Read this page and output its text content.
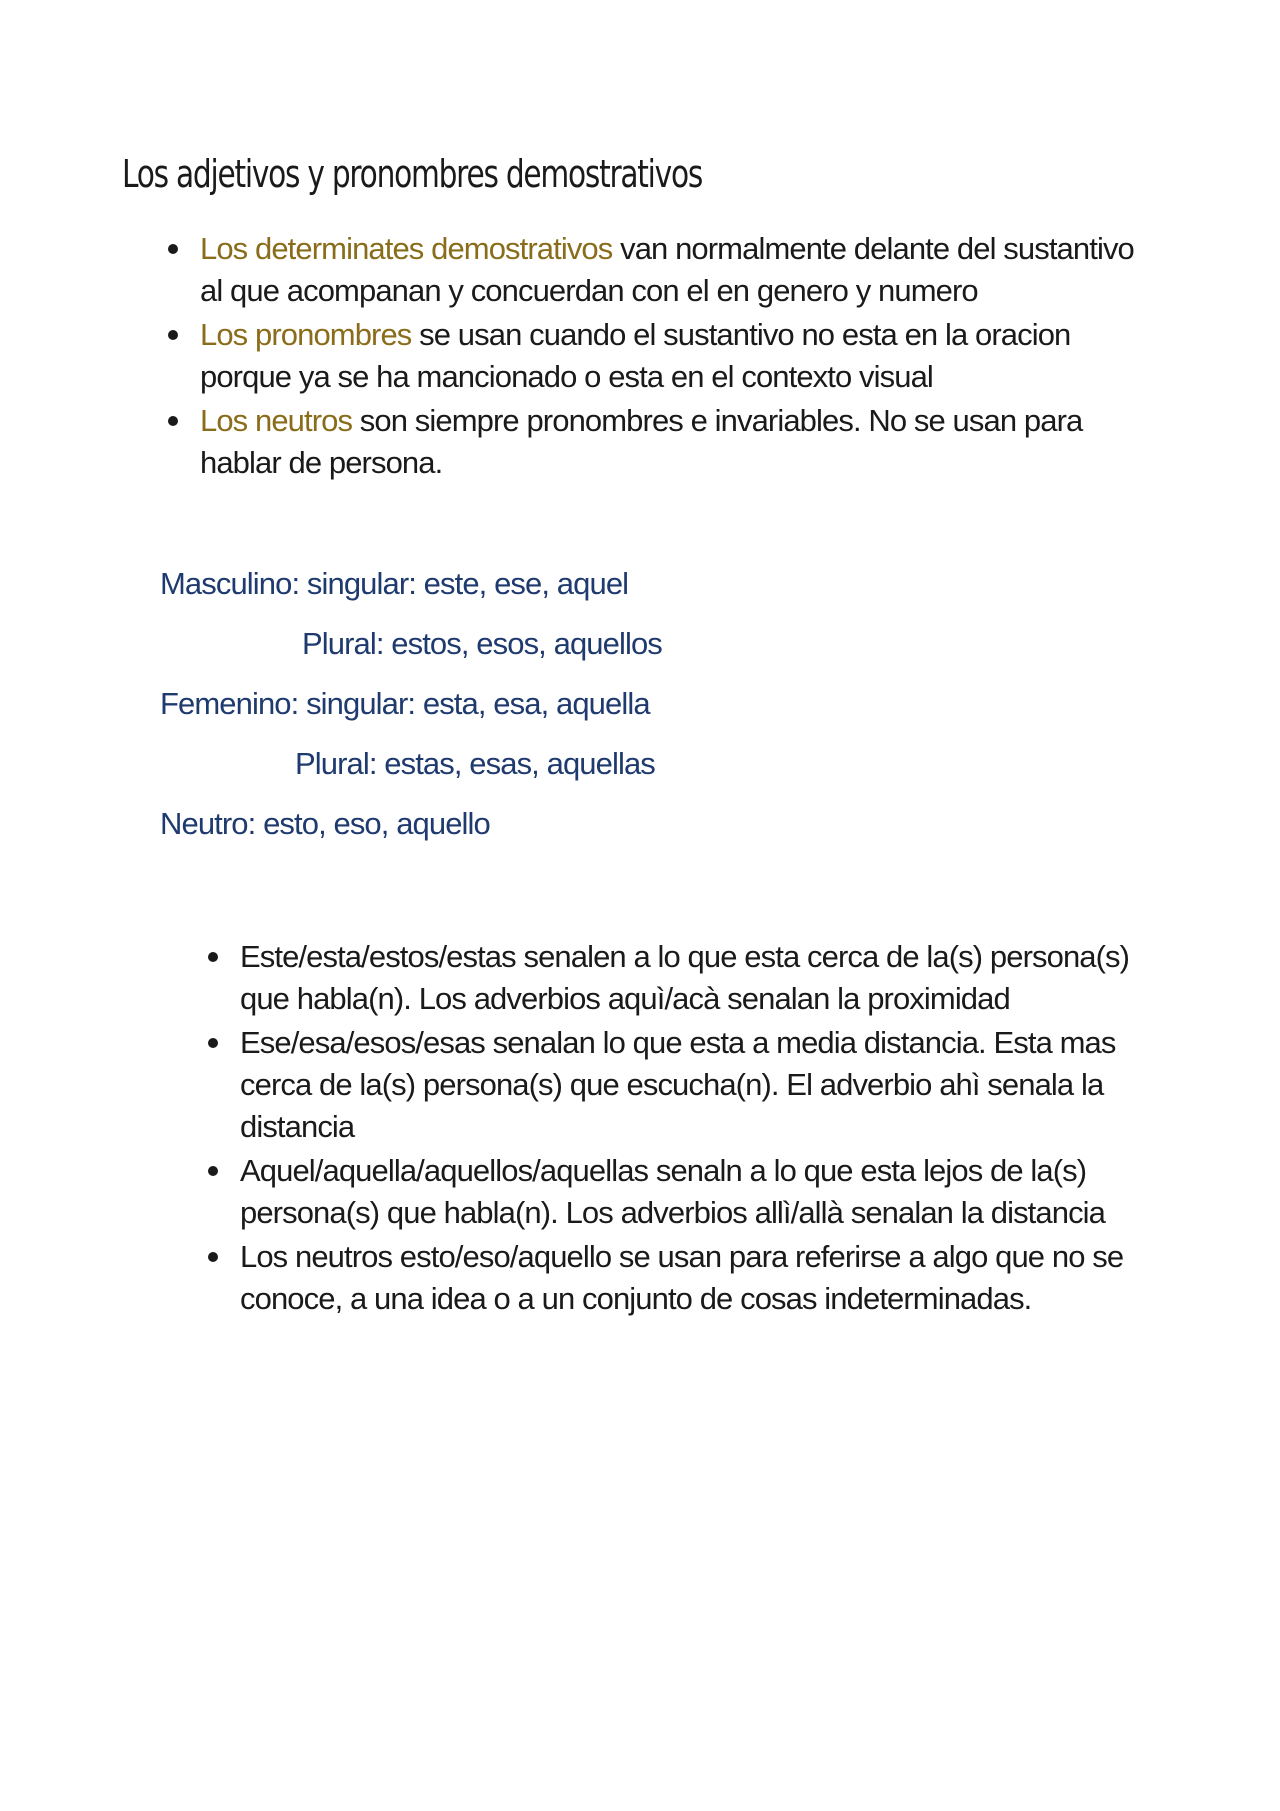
Los adjetivos y pronombres demostrativos
Los determinates demostrativos van normalmente delante del sustantivo al que acompanan y concuerdan con el en genero y numero
Los pronombres se usan cuando el sustantivo no esta en la oracion porque ya se ha mancionado o esta en el contexto visual
Los neutros son siempre pronombres e invariables. No se usan para hablar de persona.
Masculino: singular: este, ese, aquel
Plural: estos, esos, aquellos
Femenino: singular: esta, esa, aquella
Plural: estas, esas, aquellas
Neutro: esto, eso, aquello
Este/esta/estos/estas senalen a lo que esta cerca de la(s) persona(s) que habla(n). Los adverbios aquì/acà senalan la proximidad
Ese/esa/esos/esas senalan lo que esta a media distancia. Esta mas cerca de la(s) persona(s) que escucha(n). El adverbio ahì senala la distancia
Aquel/aquella/aquellos/aquellas senaln a lo que esta lejos de la(s) persona(s) que habla(n). Los adverbios allì/allà senalan la distancia
Los neutros esto/eso/aquello se usan para referirse a algo que no se conoce, a una idea o a un conjunto de cosas indeterminadas.
